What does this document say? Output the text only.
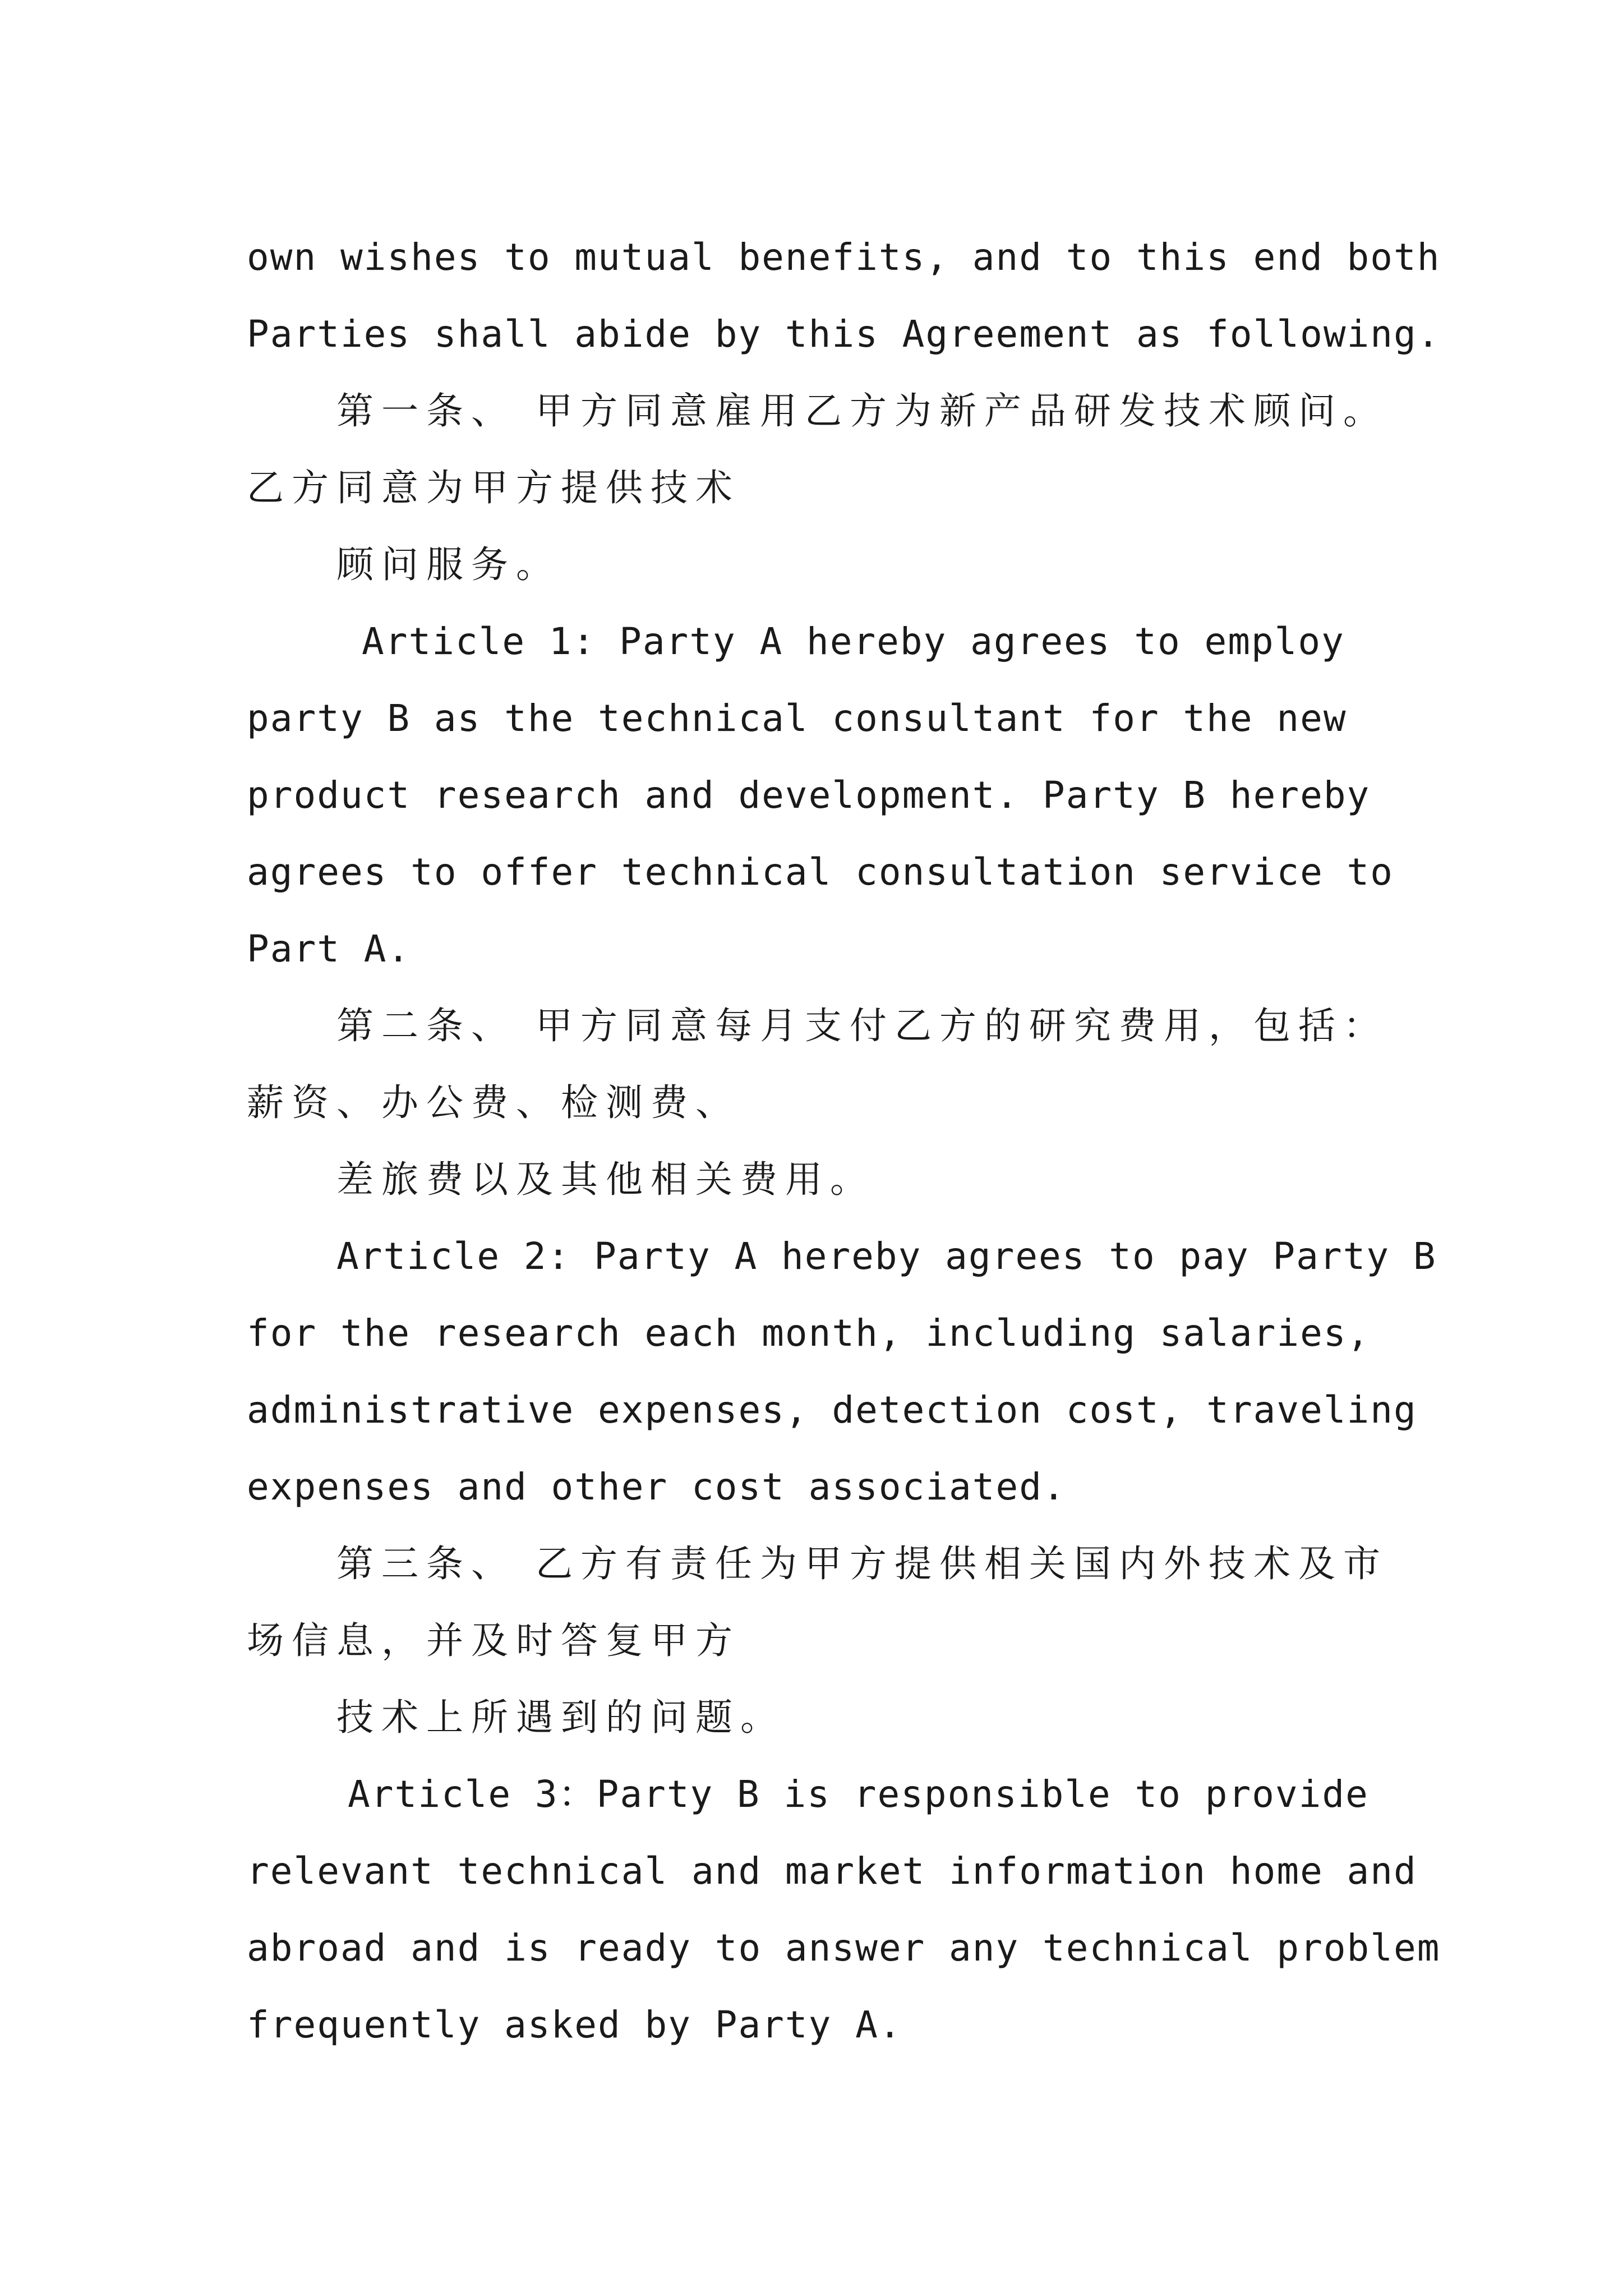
own wishes to mutual benefits, and to this end both
Parties shall abide by this Agreement as following.
第一条、 甲方同意雇用乙方为新产品研发技术顾问。
乙方同意为甲方提供技术
顾问服务。
Article 1: Party A hereby agrees to employ
party B as the technical consultant for the new
product research and development. Party B hereby
agrees to offer technical consultation service to
Part A.
第二条、 甲方同意每月支付乙方的研究费用，包括：
薪资、办公费、检测费、
差旅费以及其他相关费用。
Article 2: Party A hereby agrees to pay Party B
for the research each month, including salaries,
administrative expenses, detection cost, traveling
expenses and other cost associated.
第三条、 乙方有责任为甲方提供相关国内外技术及市
场信息，并及时答复甲方
技术上所遇到的问题。
Article 3：Party B is responsible to provide
relevant technical and market information home and
abroad and is ready to answer any technical problem
frequently asked by Party A.
